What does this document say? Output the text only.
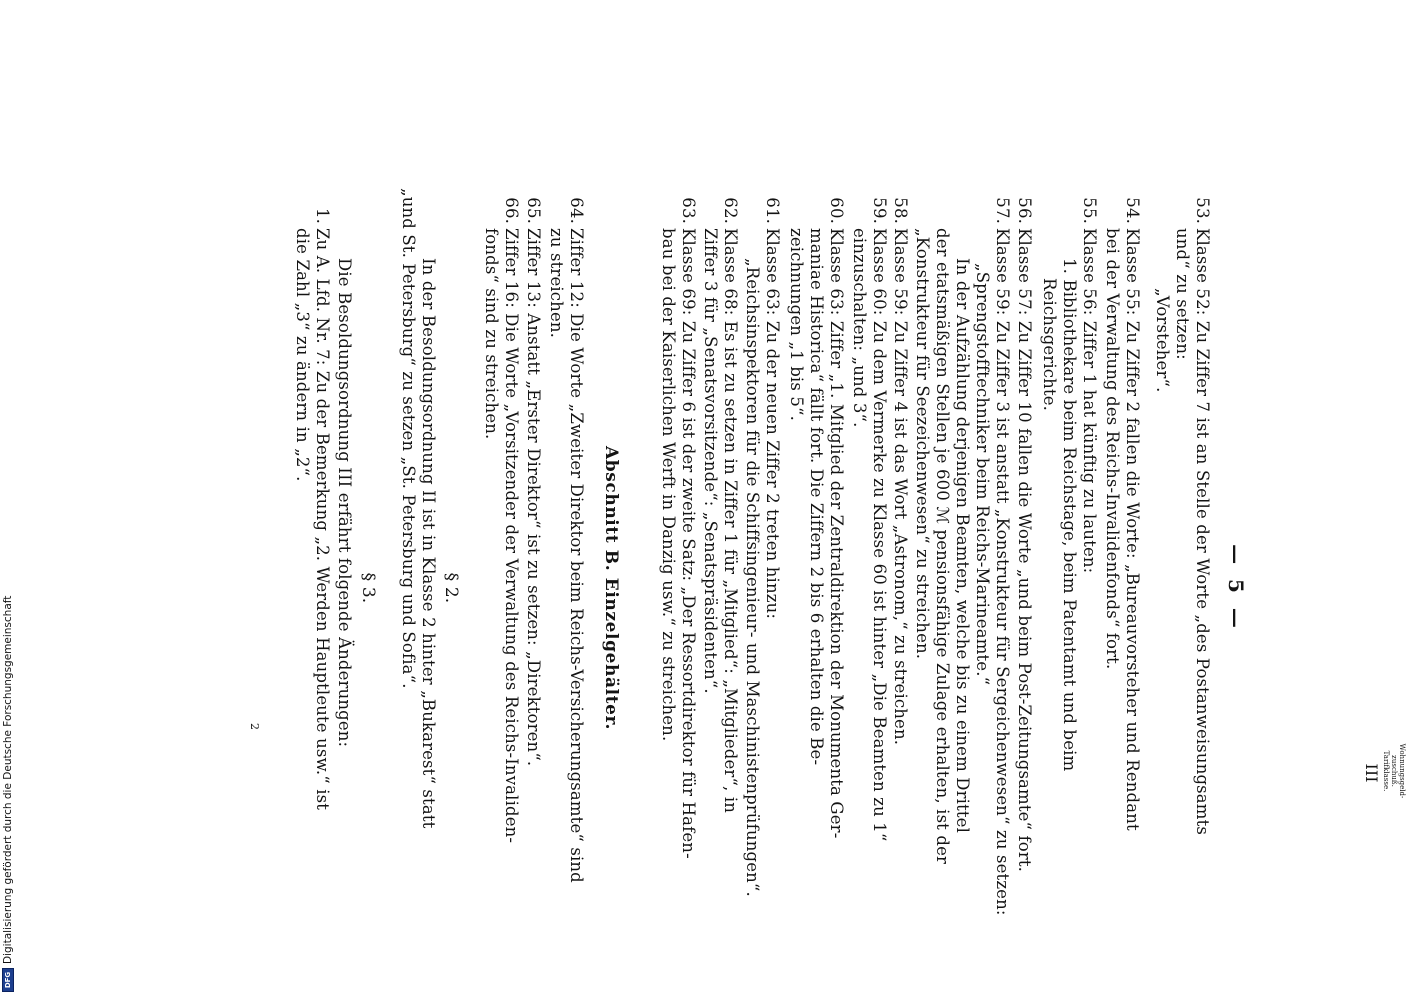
— 5 —
Wohnungsgeld-
zuschuß.
Tarifklasse.
III
53.
Klasse 52: Zu Ziffer 7 ist an Stelle der Worte „des Postanweisungsamts
und“ zu setzen:
„Vorsteher“.
54.
Klasse 55: Zu Ziffer 2 fallen die Worte: „Bureauvorsteher und Rendant
bei der Verwaltung des Reichs-Invalidenfonds“ fort.
55.
Klasse 56: Ziffer 1 hat künftig zu lauten:
1. Bibliothekare beim Reichstage, beim Patentamt und beim
Reichsgerichte.
56.
Klasse 57: Zu Ziffer 10 fallen die Worte „und beim Post-Zeitungsamte“ fort.
57.
Klasse 59: Zu Ziffer 3 ist anstatt „Konstrukteur für Sergeichenwesen“ zu setzen:
„Sprengstofftechniker beim Reichs-Marineamte.“
In der Aufzählung derjenigen Beamten, welche bis zu einem Drittel
der etatsmäßigen Stellen je 600 ℳ pensionsfähige Zulage erhalten, ist der
„Konstrukteur für Seezeichenwesen“ zu streichen.
58.
Klasse 59: Zu Ziffer 4 ist das Wort „Astronom,“ zu streichen.
59.
Klasse 60: Zu dem Vermerke zu Klasse 60 ist hinter „Die Beamten zu 1“
einzuschalten: „und 3“.
60.
Klasse 63: Ziffer „1. Mitglied der Zentraldirektion der Monumenta Ger-
maniae Historica“ fällt fort. Die Ziffern 2 bis 6 erhalten die Be-
zeichnungen „1 bis 5“.
61.
Klasse 63: Zu der neuen Ziffer 2 treten hinzu:
„Reichsinspektoren für die Schiffsingenieur- und Maschinistenprüfungen“.
62.
Klasse 68: Es ist zu setzen in Ziffer 1 für „Mitglied“: „Mitglieder“, in
Ziffer 3 für „Senatsvorsitzende“: „Senatspräsidenten“.
63.
Klasse 69: Zu Ziffer 6 ist der zweite Satz: „Der Ressortdirektor für Hafen-
bau bei der Kaiserlichen Werft in Danzig usw.“ zu streichen.
Abschnitt B. Einzelgehälter.
64.
Ziffer 12: Die Worte „Zweiter Direktor beim Reichs-Versicherungsamte“ sind
zu streichen.
65.
Ziffer 13: Anstatt „Erster Direktor“ ist zu setzen: „Direktoren“.
66.
Ziffer 16: Die Worte „Vorsitzender der Verwaltung des Reichs-Invaliden-
fonds“ sind zu streichen.
§ 2.
In der Besoldungsordnung II ist in Klasse 2 hinter „Bukarest“ statt
„und St. Petersburg“ zu setzen „St. Petersburg und Sofia“.
§ 3.
Die Besoldungsordnung III erfährt folgende Änderungen:
1.
Zu A. Lfd. Nr. 7: Zu der Bemerkung „2. Werden Hauptleute usw.“ ist
die Zahl „3“ zu ändern in „2“.
2
DFGDigitalisierung gefördert durch die Deutsche Forschungsgemeinschaft
